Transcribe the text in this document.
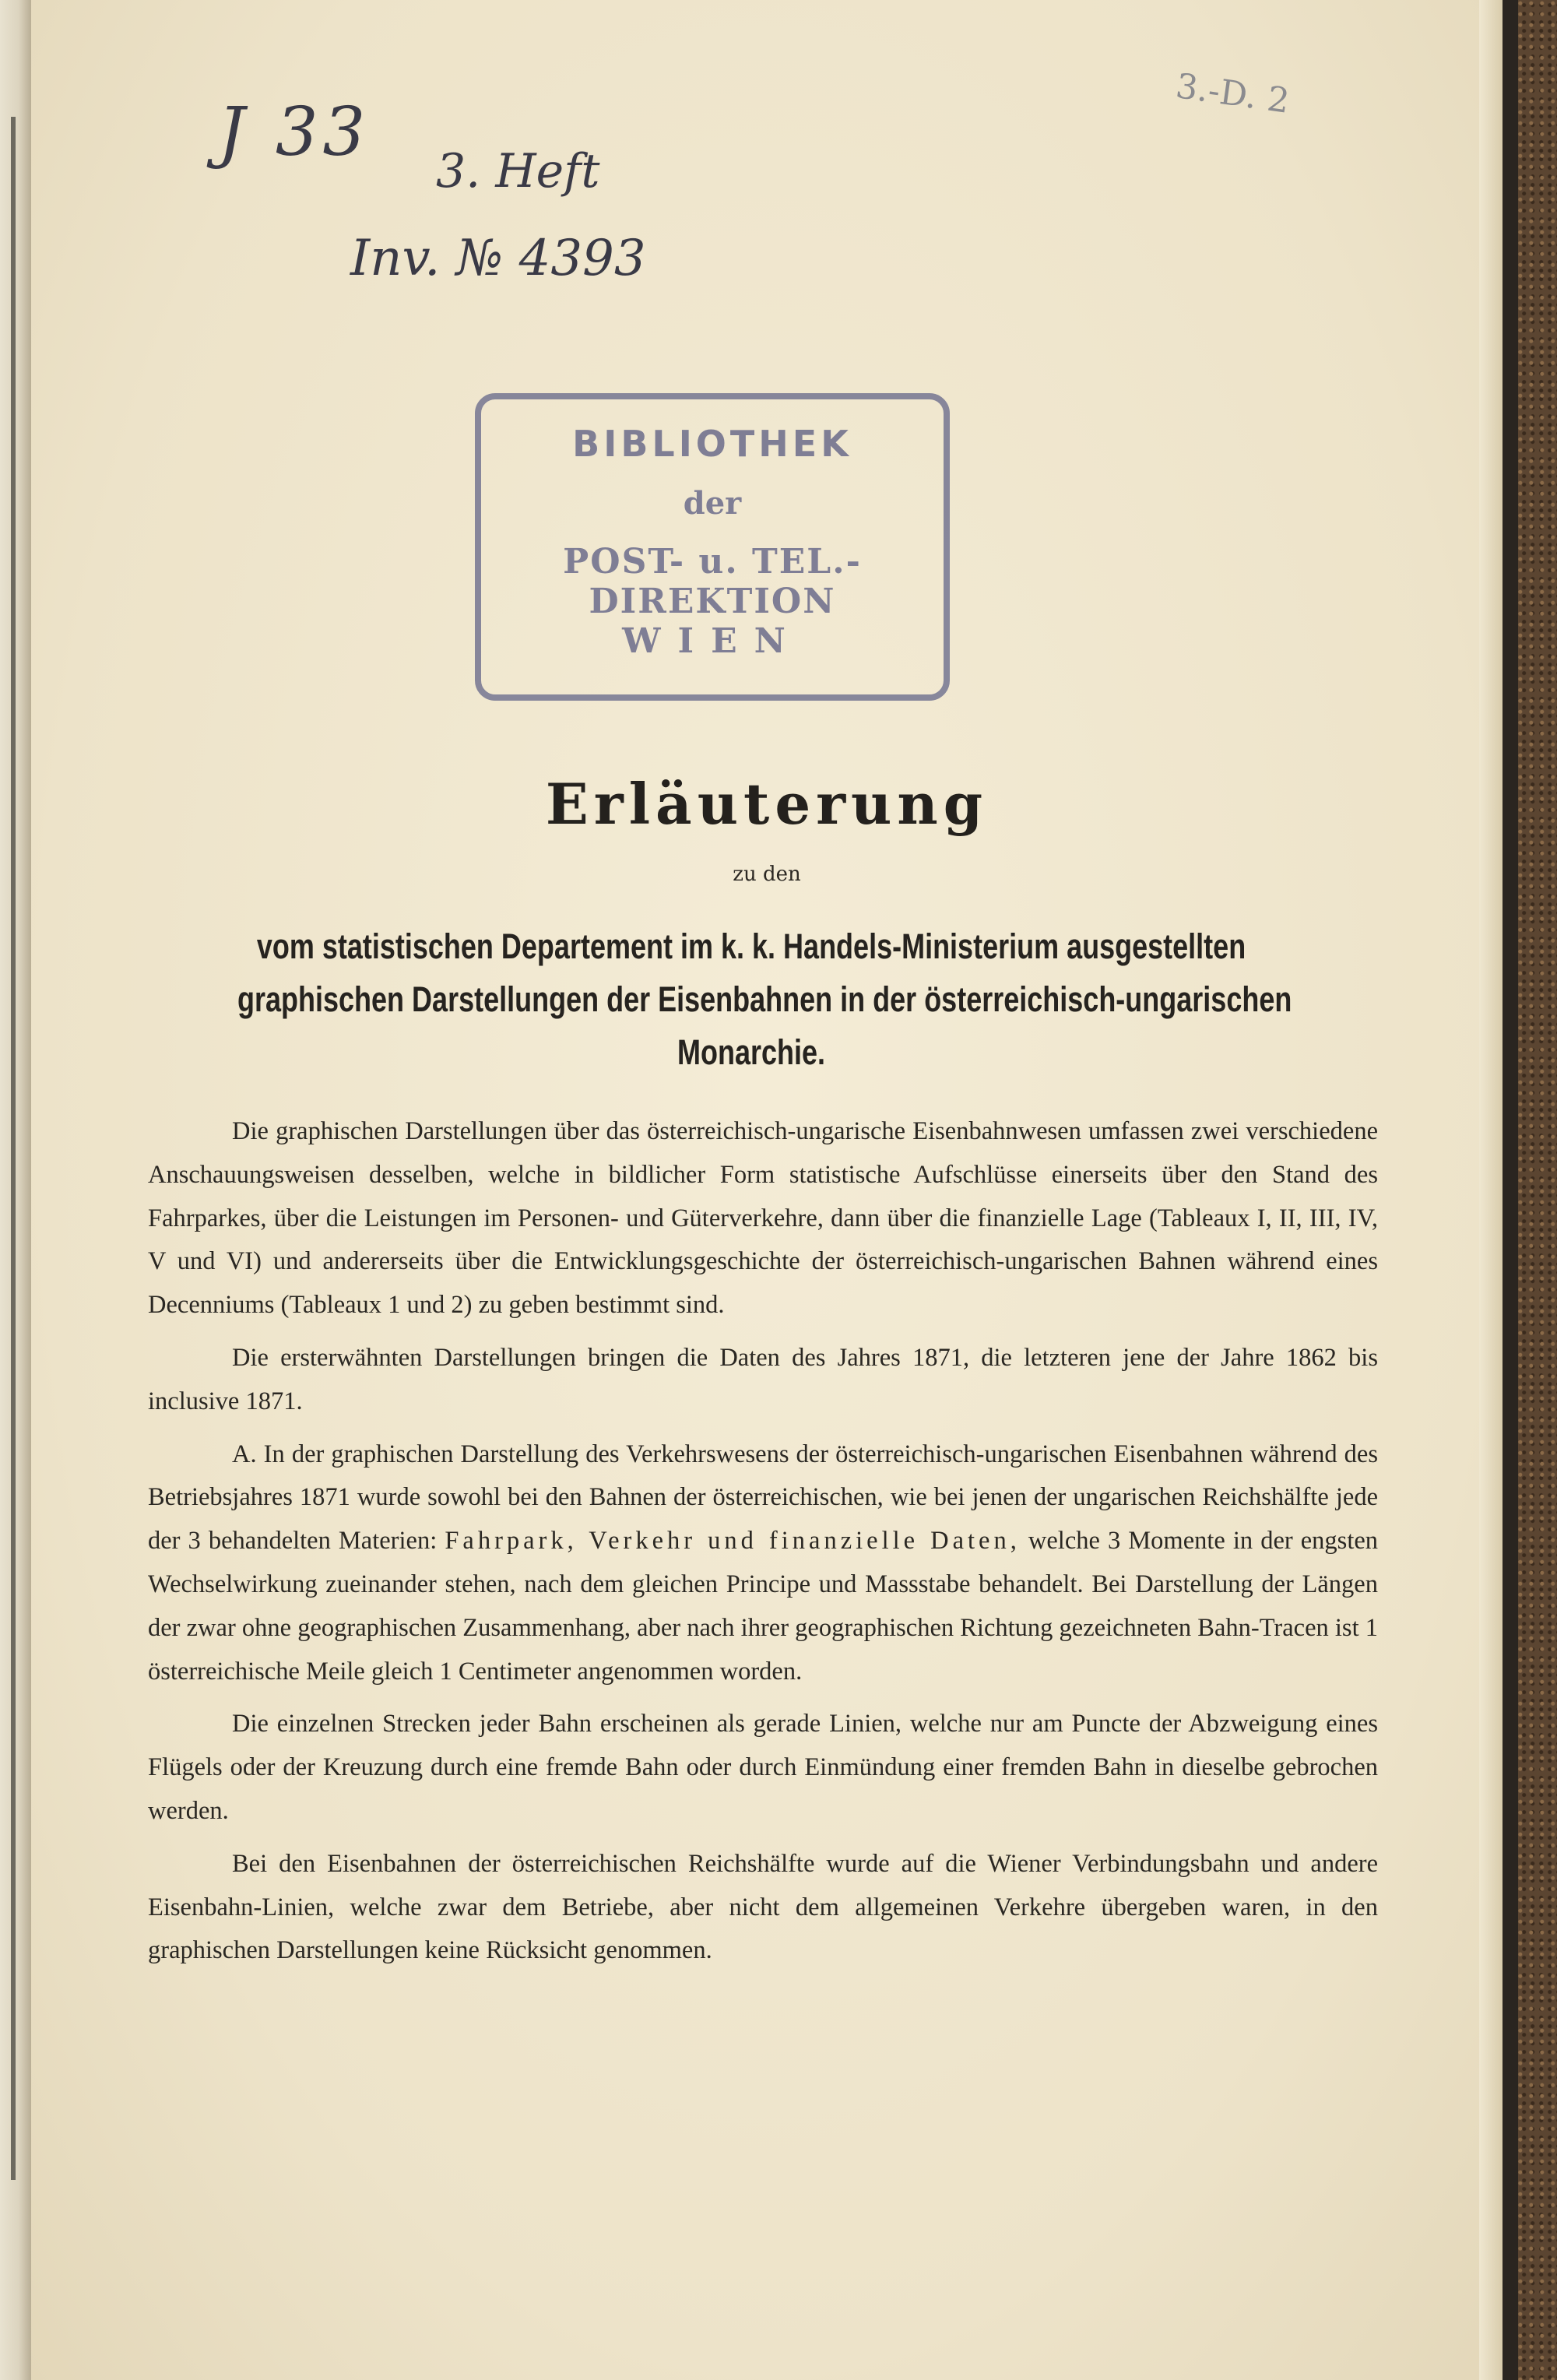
J 33 3. Heft

Inv. № 4393

3.-D. 2

BIBLIOTHEK
der
POST- u. TEL.-DIREKTION
WIEN
Erläuterung

zu den

vom statistischen Departement im k. k. Handels-Ministerium ausgestellten

graphischen Darstellungen der Eisenbahnen in der österreichisch-ungarischen

Monarchie.

Die graphischen Darstellungen über das österreichisch-ungarische Eisenbahnwesen umfassen zwei verschiedene Anschauungsweisen desselben, welche in bildlicher Form statistische Aufschlüsse einerseits über den Stand des Fahrparkes, über die Leistungen im Personen- und Güterverkehre, dann über die finanzielle Lage (Tableaux I, II, III, IV, V und VI) und andererseits über die Entwicklungsgeschichte der österreichisch-ungarischen Bahnen während eines Decenniums (Tableaux 1 und 2) zu geben bestimmt sind.

Die ersterwähnten Darstellungen bringen die Daten des Jahres 1871, die letzteren jene der Jahre 1862 bis inclusive 1871.

A. In der graphischen Darstellung des Verkehrswesens der österreichisch-ungarischen Eisenbahnen während des Betriebsjahres 1871 wurde sowohl bei den Bahnen der österreichischen, wie bei jenen der ungarischen Reichshälfte jede der 3 behandelten Materien: Fahrpark, Verkehr und finanzielle Daten, welche 3 Momente in der engsten Wechselwirkung zueinander stehen, nach dem gleichen Principe und Massstabe behandelt. Bei Darstellung der Längen der zwar ohne geographischen Zusammenhang, aber nach ihrer geographischen Richtung gezeichneten Bahn-Tracen ist 1 österreichische Meile gleich 1 Centimeter angenommen worden.

Die einzelnen Strecken jeder Bahn erscheinen als gerade Linien, welche nur am Puncte der Abzweigung eines Flügels oder der Kreuzung durch eine fremde Bahn oder durch Einmündung einer fremden Bahn in dieselbe gebrochen werden.

Bei den Eisenbahnen der österreichischen Reichshälfte wurde auf die Wiener Verbindungsbahn und andere Eisenbahn-Linien, welche zwar dem Betriebe, aber nicht dem allgemeinen Verkehre übergeben waren, in den graphischen Darstellungen keine Rücksicht genommen.
